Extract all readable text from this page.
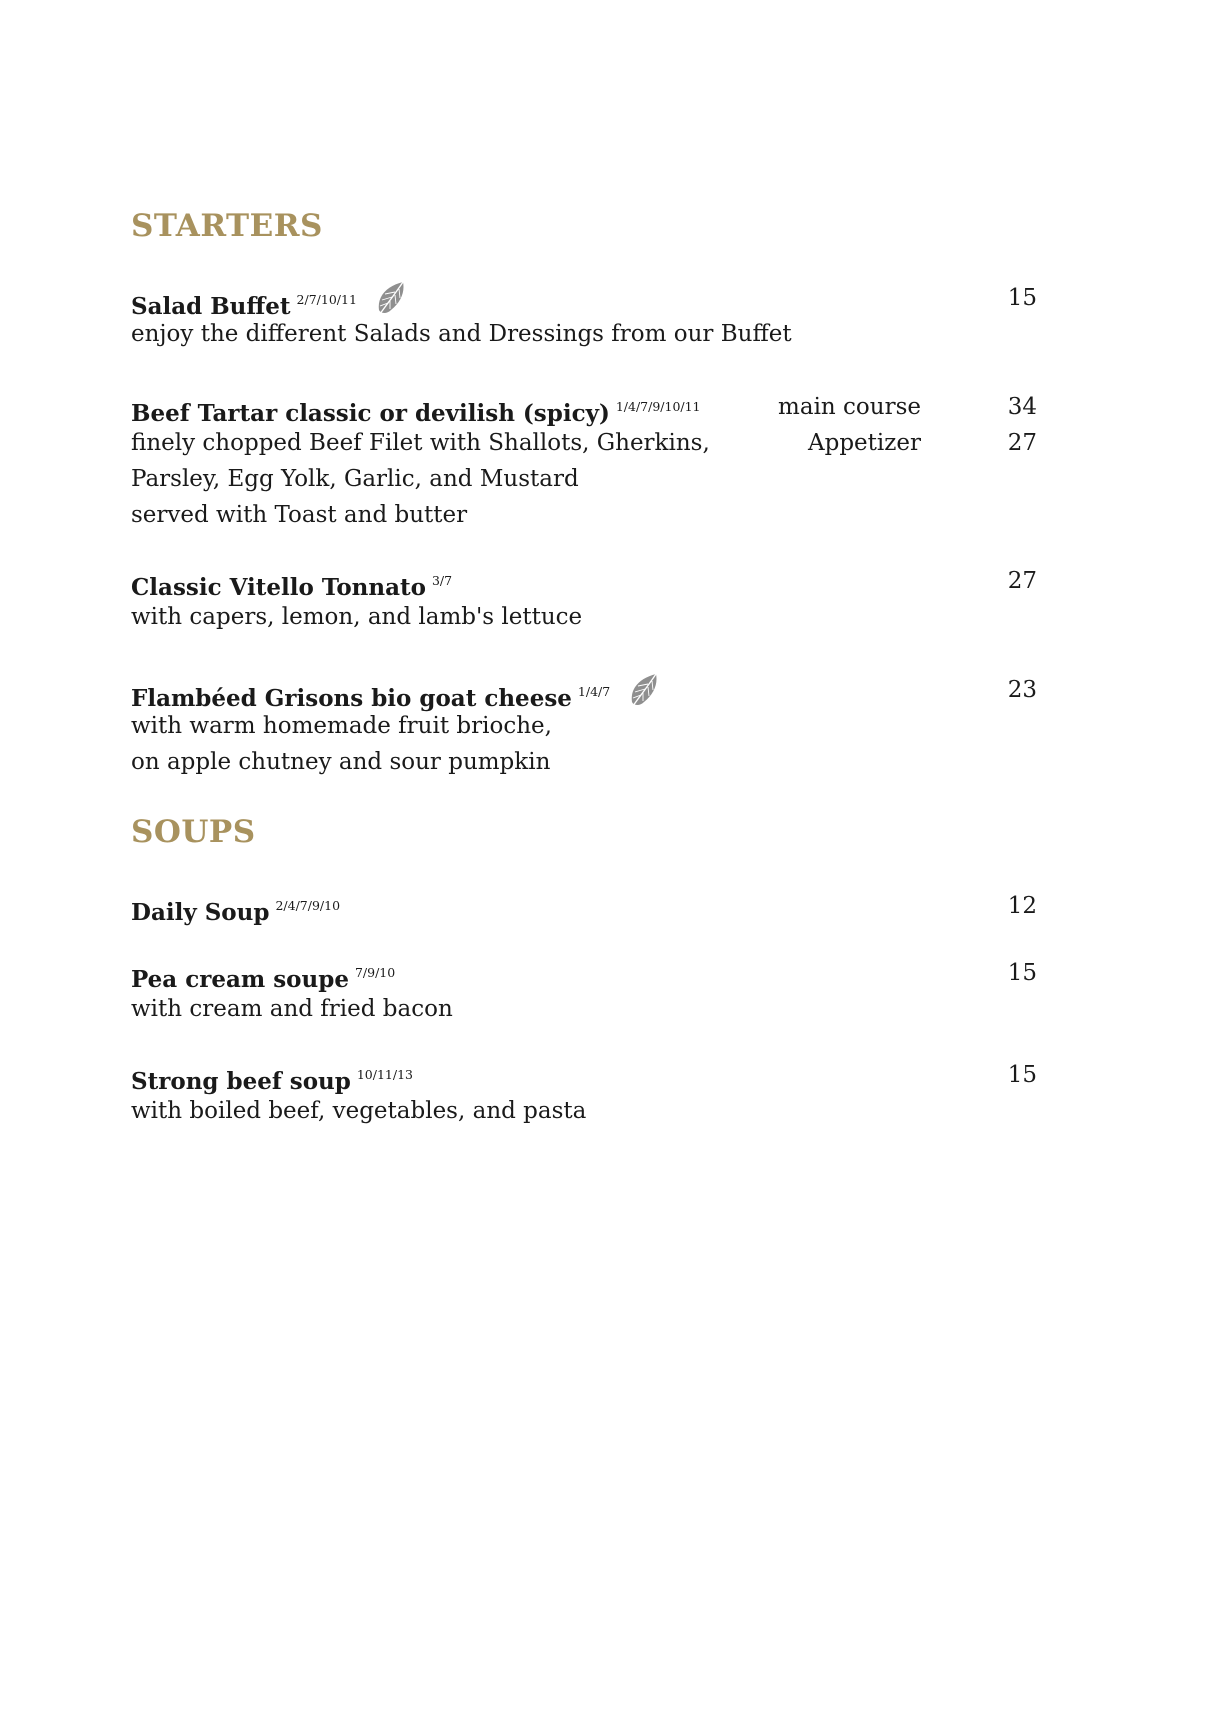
STARTERS
Salad Buffet $^{2/7/10/11}$	15
enjoy the different Salads and Dressings from our Buffet
Beef Tartar classic or devilish (spicy) $^{1/4/7/9/10/11}$	main course	34
finely chopped Beef Filet with Shallots, Gherkins,	Appetizer	27
Parsley, Egg Yolk, Garlic, and Mustard
served with Toast and butter
Classic Vitello Tonnato $^{3/7}$	27
with capers, lemon, and lamb's lettuce
Flambéed Grisons bio goat cheese $^{1/4/7}$	23
with warm homemade fruit brioche,
on apple chutney and sour pumpkin
SOUPS
Daily Soup $^{2/4/7/9/10}$	12
Pea cream soupe $^{7/9/10}$	15
with cream and fried bacon
Strong beef soup $^{10/11/13}$	15
with boiled beef, vegetables, and pasta
